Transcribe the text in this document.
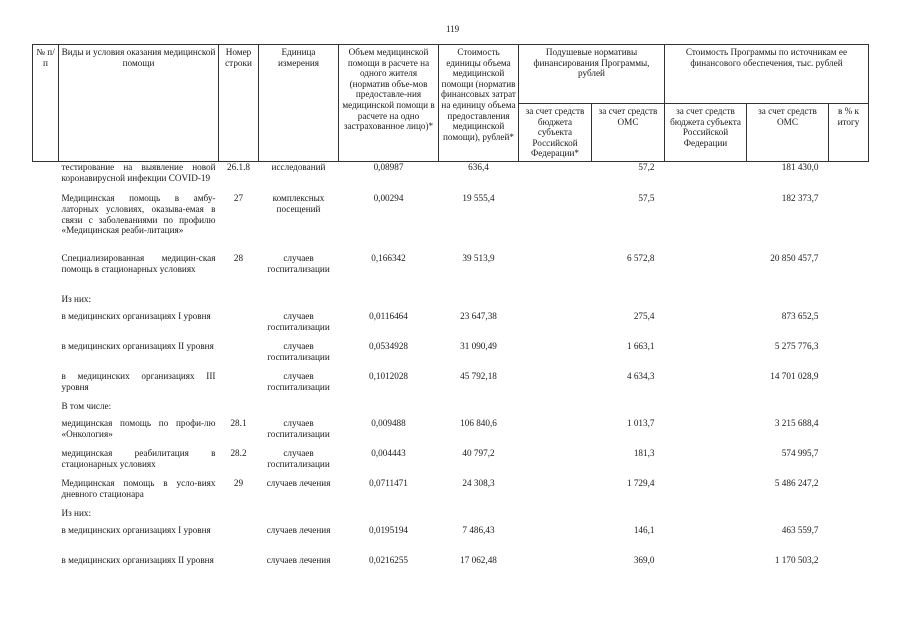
119
№ п/п	Виды и условия оказания медицинской помощи	Номер строки	Единица измерения	Объем медицинской помощи в расчете на одного жителя (норматив объе-мов предоставле-ния медицинской помощи в расчете на одно застрахованное лицо)*	Стоимость единицы объема медицинской помощи (норматив финансовых затрат на единицу объема предоставления медицинской помощи), рублей*	Подушевые нормативы финансирования Программы, рублей		Стоимость Программы по источникам ее финансового обеспечения, тыс. рублей		
						за счет средств бюджета субъекта Российской Федерации*	за счет средств ОМС	за счет средств бюджета субъекта Российской Федерации	за счет средств ОМС	в % к итогу
	тестирование на выявление новой коронавирусной инфекции COVID-19	26.1.8	исследований	0,08987	636,4		57,2		181 430,0	
	Медицинская помощь в амбу-латорных условиях, оказыва-емая в связи с заболеваниями по профилю «Медицинская реаби-литация»	27	комплексных посещений	0,00294	19 555,4		57,5		182 373,7	
	Специализированная медицин-ская помощь в стационарных условиях	28	случаев госпитализации	0,166342	39 513,9		6 572,8		20 850 457,7	
	Из них:									
	в медицинских организациях I уровня		случаев госпитализации	0,0116464	23 647,38		275,4		873 652,5	
	в медицинских организациях II уровня		случаев госпитализации	0,0534928	31 090,49		1 663,1		5 275 776,3	
	в медицинских организациях III уровня		случаев госпитализации	0,1012028	45 792,18		4 634,3		14 701 028,9	
	В том числе:									
	медицинская помощь по профи-лю «Онкология»	28.1	случаев госпитализации	0,009488	106 840,6		1 013,7		3 215 688,4	
	медицинская реабилитация в стационарных условиях	28.2	случаев госпитализации	0,004443	40 797,2		181,3		574 995,7	
	Медицинская помощь в усло-виях дневного стационара	29	случаев лечения	0,0711471	24 308,3		1 729,4		5 486 247,2	
	Из них:									
	в медицинских организациях I уровня		случаев лечения	0,0195194	7 486,43		146,1		463 559,7	
	в медицинских организациях II уровня		случаев лечения	0,0216255	17 062,48		369,0		1 170 503,2	
